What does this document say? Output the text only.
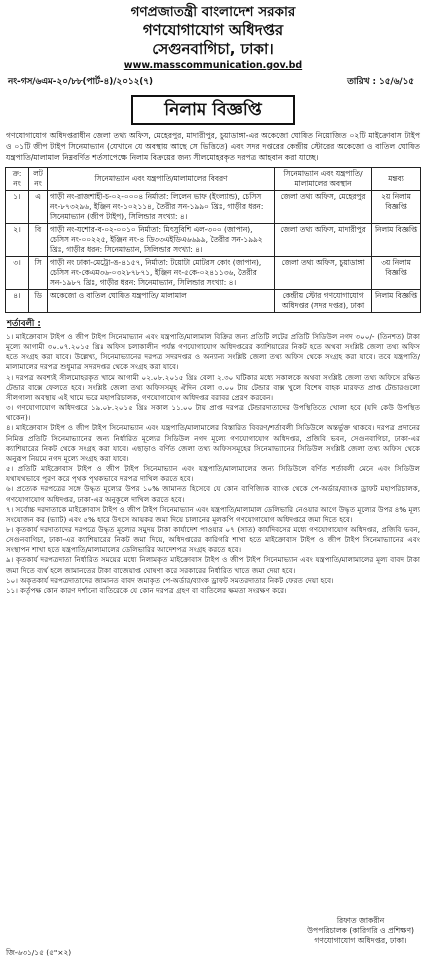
গণপ্রজাতন্ত্রী বাংলাদেশ সরকার
গণযোগাযোগ অধিদপ্তর
সেগুনবাগিচা, ঢাকা।
www.masscommunication.gov.bd
নং-গস/৬এম-২০/৮৮(পার্ট-৪)/২০১২(৭)	তারিখ : ১৫/৬/১৫
নিলাম বিজ্ঞপ্তি
গণযোগাযোগ অধিদপ্তরাধীন জেলা তথ্য অফিস, মেহেরপুর, মাদারীপুর, চুয়াডাঙ্গা-এর অকেজো ঘোষিত নিয়োজিত ০২টি মাইক্রোবাস টাইপ ও ০১টি জীপ টাইপ সিনেমাভ্যান (যেখানে যে অবস্থায় আছে সে ভিত্তিতে) এবং সদর দপ্তরের কেন্দ্রীয় স্টোরের অকেজো ও বাতিল ঘোষিত যন্ত্রপাতি/মালামাল নিম্নবর্ণিত শর্তসাপেক্ষে নিলাম বিক্রয়ের জন্য সীলমোহরকৃত দরপত্র আহবান করা যাচ্ছে।
ক্র: নং	লট নং	সিনেমাভ্যান এবং যন্ত্রপাতি/মালামালের বিবরণ	সিনেমাভ্যান এবং যন্ত্রপাতি/ মালামালের অবস্থান	মন্তব্য
১।	এ	গাড়ী নং-রাজশাহী-চ-০২-০০০৪ নির্মাতা: লিলেন ভাফ (ইংল্যান্ড), চেসিস নং-৮৭৩২৯৬, ইঞ্জিন নং-১০২১১৪, তৈরীর সন-১৯৯০ খ্রিঃ, গাড়ীর ধরন: সিনেমাভ্যান (জীপ টাইপ), সিলিন্ডার সংখ্যা: ৪।	জেলা তথ্য অফিস, মেহেরপুর	২য় নিলাম বিজ্ঞপ্তি
২।	বি	গাড়ী নং-যশোর-ব-০২-০০১০ নির্মাতা: মিৎসুবিশি এল-৩০০ (জাপান), চেসিস নং-০০২২৫, ইঞ্জিন নং-৪ ডি৩৩এইডিএ৬৬৯৯, তৈরীর সন-১৯৯২ খ্রিঃ, গাড়ীর ধরন: সিনেমাভ্যান, সিলিন্ডার সংখ্যা: ৪।	জেলা তথ্য অফিস, মাদারীপুর	নিলাম বিজ্ঞপ্তি
৩।	সি	গাড়ী নং ঢাকা-মেট্রো-ঙ-৪১৫৭, নির্মাতা: টয়োটা মোটরস কোং (জাপান), চেসিস নং-কেএম৩৬-০৩২৮৭৮৭১, ইঞ্জিন নং-৫কে-০২৪১১৩৬, তৈরীর সন-১৯৮৭ খ্রিঃ, গাড়ীর ধরন: সিনেমাভ্যান, সিলিন্ডার সংখ্যা: ৪।	জেলা তথ্য অফিস, চুয়াডাঙ্গা	৩য় নিলাম বিজ্ঞপ্তি
৪।	ডি	অকেজো ও বাতিল ঘোষিত যন্ত্রপাতি/ মালামাল	কেন্দ্রীয় স্টোর গণযোগাযোগ অধিদপ্তর (সদর দপ্তর), ঢাকা	নিলাম বিজ্ঞপ্তি
শর্তাবলী :

১। মাইক্রোবাস টাইপ ও জীপ টাইপ সিনেমাভ্যান এবং যন্ত্রপাতি/মালামাল বিক্রির জন্য প্রতিটি লটের প্রতিটি সিডিউল নগদ ৩০০/- (তিনশত) টাকা মূল্যে আগামী ৩০.০৭.২০১৫ খ্রিঃ অফিস চলাকালীন পর্যন্ত গণযোগাযোগ অধিদপ্তরের ক্যাশিয়ারের নিকট হতে অথবা সংশ্লিষ্ট জেলা তথ্য অফিস হতে সংগ্রহ করা যাবে। উল্লেখ্য, সিনেমাভ্যানের দরপত্র সদরদপ্তর ও অন্যান্য সংশ্লিষ্ট জেলা তথ্য অফিস থেকে সংগ্রহ করা যাবে। তবে যন্ত্রপাতি/মালামালের দরপত্র শুধুমাত্র সদরদপ্তর থেকে সংগ্রহ করা যাবে।

২। দরপত্র অবশ্যই সীলমোহরকৃত খামে আগামী ০২.০৮.২০১৫ খ্রিঃ বেলা ২.৩০ ঘটিকার মধ্যে সকালকে অথবা সংশ্লিষ্ট জেলা তথ্য অফিসে রক্ষিত টেন্ডার বাক্সে ফেলতে হবে। সংশ্লিষ্ট জেলা তথ্য অফিসসমূহ ঐদিন বেলা ৩.০০ টায় টেন্ডার বাক্স খুলে বিশেষ বাহক মারফত প্রাপ্ত টেন্ডারগুলো সীলগালা অবস্থায় এই খামে ভরে মহাপরিচালক, গণযোগাযোগ অধিদপ্তর বরাবর প্রেরণ করবেন।

৩। গণযোগাযোগ অধিদপ্তরে ১৯.০৮.২০১৫ খ্রিঃ সকাল ১১.০০ টায় প্রাপ্ত দরপত্র টেন্ডারদাতাদের উপস্থিতিতে খোলা হবে (যদি কেউ উপস্থিত থাকেন)।

৪। মাইক্রোবাস টাইপ ও জীপ টাইপ সিনেমাভ্যান এবং যন্ত্রপাতি/মালামালের বিস্তারিত বিবরণ/শর্তাবলী সিডিউলে অন্তর্ভুক্ত থাকবে। দরপত্র প্রদানের নিমিত্ত প্রতিটি সিনেমাভ্যানের জন্য নির্ধারিত মূল্যের সিডিউল নগদ মূল্যে গণযোগাযোগ অধিদপ্তর, প্রজিবি ভবন, সেগুনবাগিচা, ঢাকা-এর ক্যাশিয়ারের নিকট থেকে সংগ্রহ করা যাবে। এছাড়াও বর্ণিত জেলা তথ্য অফিসসমূহের সিনেমাভ্যানের সিডিউল সংশ্লিষ্ট জেলা তথ্য অফিস থেকে অনুরূপ নিয়মে নগদ মূল্যে সংগ্রহ করা যাবে।

৫। প্রতিটি মাইক্রোবাস টাইপ ও জীপ টাইপ সিনেমাভ্যান এবং যন্ত্রপাতি/মালামালের জন্য সিডিউলে বর্ণিত শর্তাবলী মেনে এবং সিডিউল যথাযথভাবে পূরণ করে পৃথক পৃথকভাবে দরপত্র দাখিল করতে হবে।

৬। প্রত্যেক দরপত্রের সঙ্গে উদ্ধৃত মূল্যের উপর ১০% জামানত হিসেবে যে কোন বাণিজ্যিক ব্যাংক থেকে পে-অর্ডার/ব্যাংক ড্রাফট মহাপরিচালক, গণযোগাযোগ অধিদপ্তর, ঢাকা-এর অনুকূলে দাখিল করতে হবে।

৭। সর্বোচ্চ দরদাতাকে মাইক্রোবাস টাইপ ও জীপ টাইপ সিনেমাভ্যান এবং যন্ত্রপাতি/মালামাল ডেলিভারি নেওয়ার আগে উদ্ধৃত মূল্যের উপর ৪% মূল্য সংযোজন কর (ভ্যাট) এবং ৫% হারে উৎসে আয়কর জমা দিয়ে চালানের মূলকপি গণযোগাযোগ অধিদপ্তরে জমা দিতে হবে।

৮। কৃতকার্য দরদাতাদের দরপত্রে উদ্ধৃত মূল্যের সমুদয় টাকা কার্যাদেশ পাওয়ার ০৭ (সাত) কার্যদিবসের মধ্যে গণযোগাযোগ অধিদপ্তর, প্রজিবি ভবন, সেগুনবাগিচা, ঢাকা-এর ক্যাশিয়ারের নিকট জমা দিয়ে, অধিদপ্তরের কারিগরি শাখা হতে মাইক্রোবাস টাইপ ও জীপ টাইপ সিনেমাভ্যানের এবং সংস্থাপন শাখা হতে যন্ত্রপাতি/মালামালের ডেলিভারির আদেশপত্র সংগ্রহ করতে হবে।

৯। কৃতকার্য দরপত্রদাতা নির্ধারিত সময়ের মধ্যে নিলামকৃত মাইক্রোবাস টাইপ ও জীপ টাইপ সিনেমাভ্যান এবং যন্ত্রপাতি/মালামালের মূল্য বাবদ টাকা জমা দিতে ব্যর্থ হলে জামানতের টাকা বাজেয়াপ্ত ঘোষণা করে সরকারের নির্ধারিত খাতে জমা দেয়া হবে।

১০। অকৃতকার্য দরপত্রদাতাদের জামানত বাবদ জমাকৃত পে-অর্ডার/ব্যাংক ড্রাফট সমতরদাতার নিকট ফেরত দেয়া হবে।

১১। কর্তৃপক্ষ কোন কারণ দর্শানো ব্যতিরেকে যে কোন দরপত্র গ্রহণ বা বাতিলের ক্ষমতা সংরক্ষণ করে।

রিফাত জাকরীন
উপপরিচালক (কারিগরি ও প্রশিক্ষণ)
গণযোগাযোগ অধিদপ্তর, ঢাকা।
জি-৬৩১/১৫ (৫"×২)
